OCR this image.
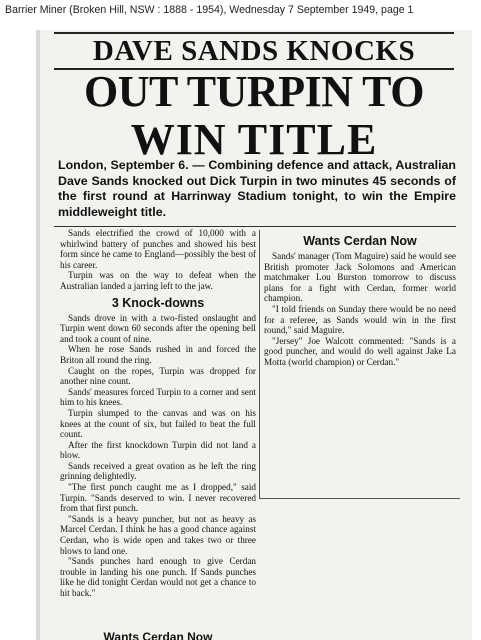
Barrier Miner (Broken Hill, NSW : 1888 - 1954), Wednesday 7 September 1949, page 1
DAVE SANDS KNOCKS
OUT TURPIN TO
WIN TITLE

London, September 6. — Combining defence and attack, Australian Dave Sands knocked out Dick Turpin in two minutes 45 seconds of the first round at Harrinway Stadium tonight, to win the Empire middleweight title.

Sands electrified the crowd of 10,000 with a whirlwind battery of punches and showed his best form since he came to England—possibly the best of his career.

Turpin was on the way to defeat when the Australian landed a jarring left to the jaw.

3 Knock-downs

Sands drove in with a two-fisted onslaught and Turpin went down 60 seconds after the opening bell and took a count of nine.

When he rose Sands rushed in and forced the Briton all round the ring.

Caught on the ropes, Turpin was dropped for another nine count.

Sands' measures forced Turpin to a corner and sent him to his knees.

Turpin slumped to the canvas and was on his knees at the count of six, but failed to beat the full count.

After the first knockdown Turpin did not land a blow.

Sands received a great ovation as he left the ring grinning delightedly.

"The first punch caught me as I dropped," said Turpin. "Sands deserved to win. I never recovered from that first punch.

"Sands is a heavy puncher, but not as heavy as Marcel Cerdan. I think he has a good chance against Cerdan, who is wide open and takes two or three blows to land one.

"Sands punches hard enough to give Cerdan trouble in landing his one punch. If Sands punches like he did tonight Cerdan would not get a chance to hit back."

Wants Cerdan Now
Wants Cerdan Now

Sands' manager (Tom Maguire) said he would see British promoter Jack Solomons and American matchmaker Lou Burston tomorrow to discuss plans for a fight with Cerdan, former world champion.

"I told friends on Sunday there would be no need for a referee, as Sands would win in the first round," said Maguire.

"Jersey" Joe Walcott commented: "Sands is a good puncher, and would do well against Jake La Motta (world champion) or Cerdan."
